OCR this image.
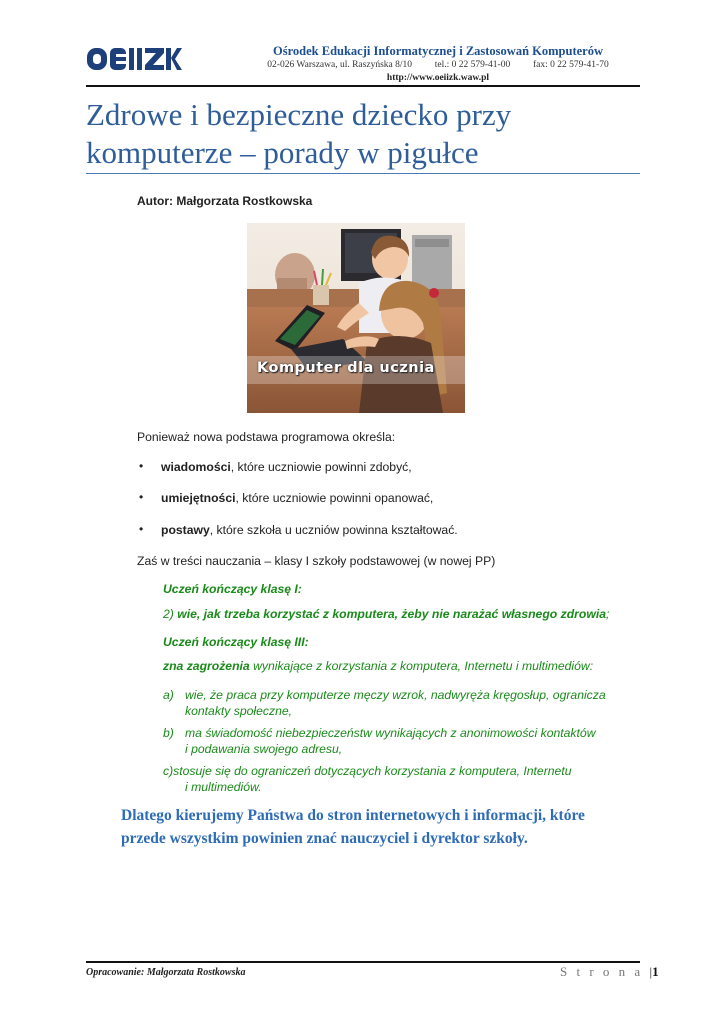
Ośrodek Edukacji Informatycznej i Zastosowań Komputerów
02-026 Warszawa, ul. Raszyńska 8/10 tel.: 0 22 579-41-00 fax: 0 22 579-41-70
http://www.oeiizk.waw.pl
Zdrowe i bezpieczne dziecko przy
komputerze – porady w pigułce
Autor: Małgorzata Rostkowska
Komputer dla ucznia
Ponieważ nowa podstawa programowa określa:
• wiadomości, które uczniowie powinni zdobyć,
• umiejętności, które uczniowie powinni opanować,
• postawy, które szkoła u uczniów powinna kształtować.
Zaś w treści nauczania – klasy I szkoły podstawowej (w nowej PP)
Uczeń kończący klasę I:
2) wie, jak trzeba korzystać z komputera, żeby nie narażać własnego zdrowia;
Uczeń kończący klasę III:
zna zagrożenia wynikające z korzystania z komputera, Internetu i multimediów:
a) wie, że praca przy komputerze męczy wzrok, nadwyręża kręgosłup, ogranicza
kontakty społeczne,
b) ma świadomość niebezpieczeństw wynikających z anonimowości kontaktów
i podawania swojego adresu,
c)stosuje się do ograniczeń dotyczących korzystania z komputera, Internetu
i multimediów.
Dlatego kierujemy Państwa do stron internetowych i informacji, które
przede wszystkim powinien znać nauczyciel i dyrektor szkoły.
Opracowanie: Małgorzata Rostkowska	S t r o n a |1
